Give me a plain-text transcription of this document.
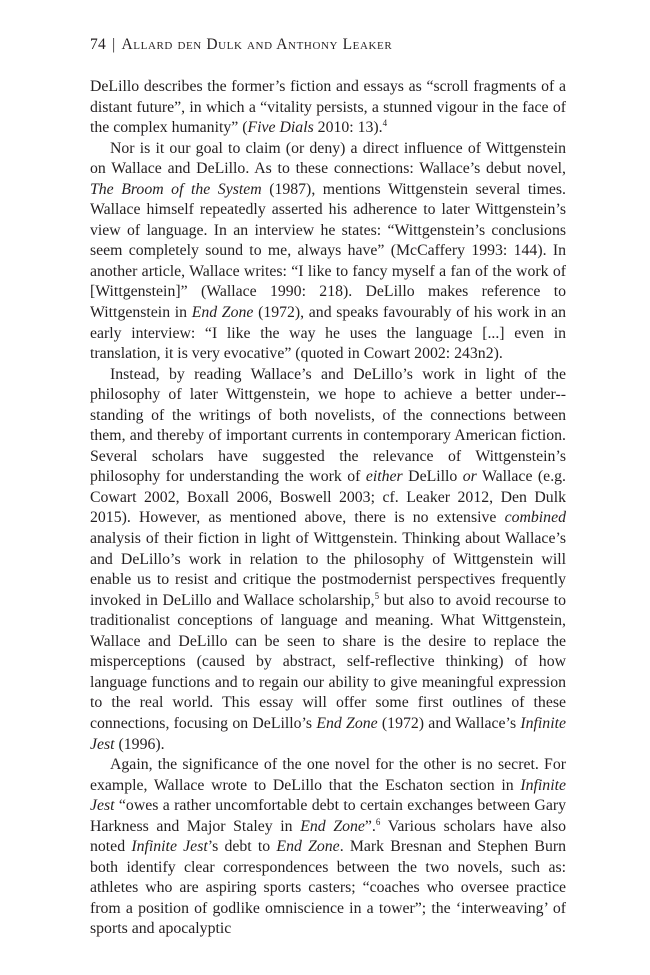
74 | Allard den Dulk and Anthony Leaker

DeLillo describes the former’s fiction and essays as “scroll fragments of a distant future”, in which a “vitality persists, a stunned vigour in the face of the complex humanity” (Five Dials 2010: 13).$^4$

Nor is it our goal to claim (or deny) a direct influence of Wittgenstein on Wallace and DeLillo. As to these connections: Wallace’s debut novel, The Broom of the System (1987), mentions Wittgenstein several times. Wallace himself repeatedly asserted his adherence to later Wittgenstein’s view of language. In an interview he states: “Wittgenstein’s conclusions seem completely sound to me, always have” (McCaffery 1993: 144). In another article, Wallace writes: “I like to fancy myself a fan of the work of [Wittgenstein]” (Wallace 1990: 218). DeLillo makes reference to Wittgenstein in End Zone (1972), and speaks favourably of his work in an early interview: “I like the way he uses the language [...] even in translation, it is very evocative” (quoted in Cowart 2002: 243n2).

Instead, by reading Wallace’s and DeLillo’s work in light of the philosophy of later Wittgenstein, we hope to achieve a better under-standing of the writings of both novelists, of the connections between them, and thereby of important currents in contemporary American fiction. Several scholars have suggested the relevance of Wittgenstein’s philosophy for understanding the work of either DeLillo or Wallace (e.g. Cowart 2002, Boxall 2006, Boswell 2003; cf. Leaker 2012, Den Dulk 2015). However, as mentioned above, there is no extensive combined analysis of their fiction in light of Wittgenstein. Thinking about Wallace’s and DeLillo’s work in relation to the philosophy of Wittgenstein will enable us to resist and critique the postmodernist perspectives frequently invoked in DeLillo and Wallace scholarship,$^5$ but also to avoid recourse to traditionalist conceptions of language and meaning. What Wittgenstein, Wallace and DeLillo can be seen to share is the desire to replace the misperceptions (caused by abstract, self-reflective thinking) of how language functions and to regain our ability to give meaningful expression to the real world. This essay will offer some first outlines of these connections, focusing on DeLillo’s End Zone (1972) and Wallace’s Infinite Jest (1996).

Again, the significance of the one novel for the other is no secret. For example, Wallace wrote to DeLillo that the Eschaton section in Infinite Jest “owes a rather uncomfortable debt to certain exchanges between Gary Harkness and Major Staley in End Zone”.$^6$ Various scholars have also noted Infinite Jest’s debt to End Zone. Mark Bresnan and Stephen Burn both identify clear correspondences between the two novels, such as: athletes who are aspiring sports casters; “coaches who oversee practice from a position of godlike omniscience in a tower”; the ‘interweaving’ of sports and apocalyptic
